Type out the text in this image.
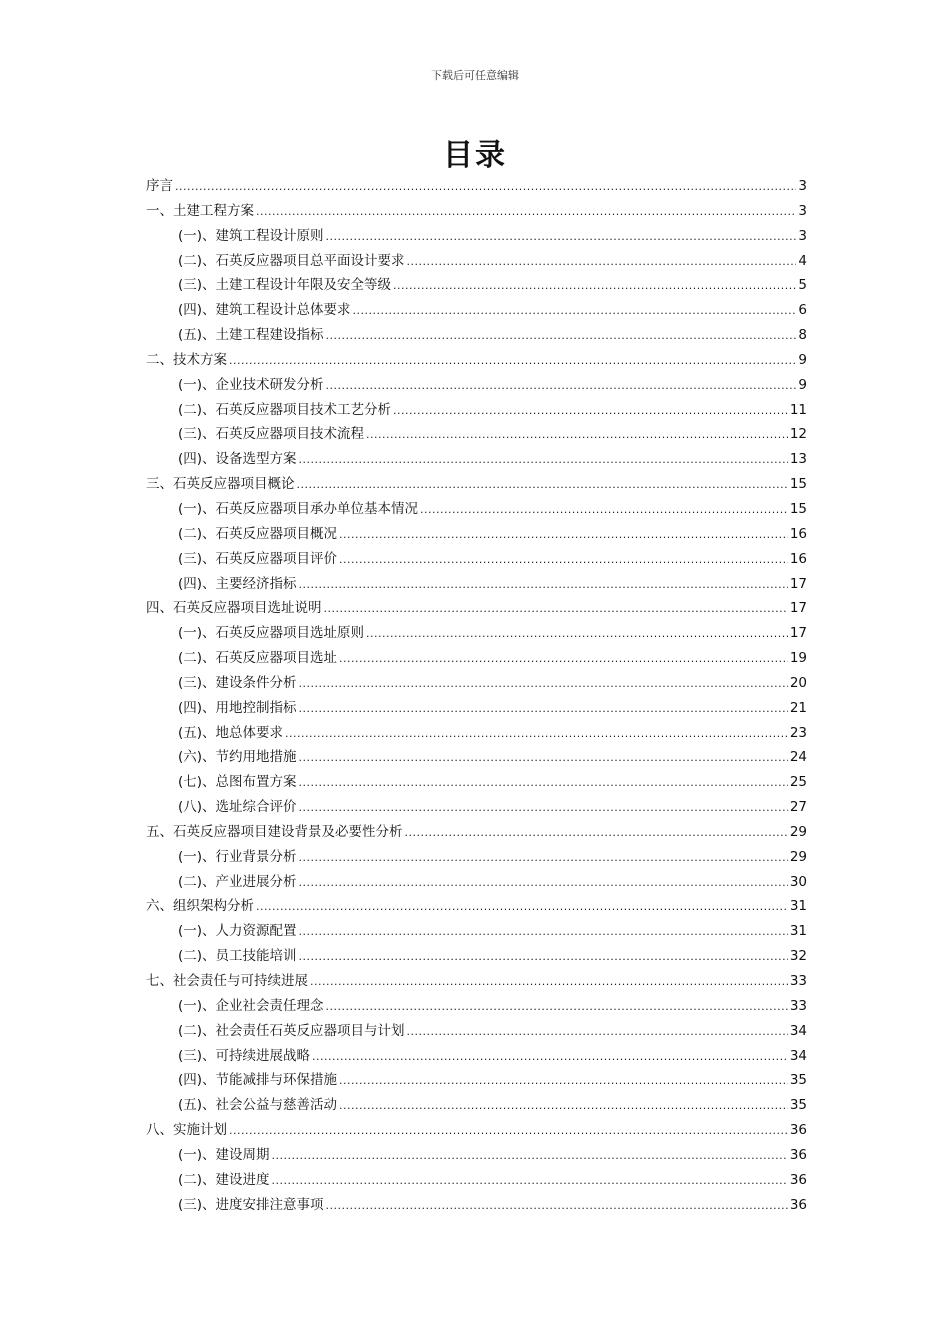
下载后可任意编辑
目录
序言 .....	3
一、土建工程方案 .....	3
(一)、建筑工程设计原则 .....	3
(二)、石英反应器项目总平面设计要求 .....	4
(三)、土建工程设计年限及安全等级 .....	5
(四)、建筑工程设计总体要求 .....	6
(五)、土建工程建设指标 .....	8
二、技术方案 .....	9
(一)、企业技术研发分析 .....	9
(二)、石英反应器项目技术工艺分析 .....	11
(三)、石英反应器项目技术流程 .....	12
(四)、设备选型方案 .....	13
三、石英反应器项目概论 .....	15
(一)、石英反应器项目承办单位基本情况 .....	15
(二)、石英反应器项目概况 .....	16
(三)、石英反应器项目评价 .....	16
(四)、主要经济指标 .....	17
四、石英反应器项目选址说明 .....	17
(一)、石英反应器项目选址原则 .....	17
(二)、石英反应器项目选址 .....	19
(三)、建设条件分析 .....	20
(四)、用地控制指标 .....	21
(五)、地总体要求 .....	23
(六)、节约用地措施 .....	24
(七)、总图布置方案 .....	25
(八)、选址综合评价 .....	27
五、石英反应器项目建设背景及必要性分析 .....	29
(一)、行业背景分析 .....	29
(二)、产业进展分析 .....	30
六、组织架构分析 .....	31
(一)、人力资源配置 .....	31
(二)、员工技能培训 .....	32
七、社会责任与可持续进展 .....	33
(一)、企业社会责任理念 .....	33
(二)、社会责任石英反应器项目与计划 .....	34
(三)、可持续进展战略 .....	34
(四)、节能减排与环保措施 .....	35
(五)、社会公益与慈善活动 .....	35
八、实施计划 .....	36
(一)、建设周期 .....	36
(二)、建设进度 .....	36
(三)、进度安排注意事项 .....	36
